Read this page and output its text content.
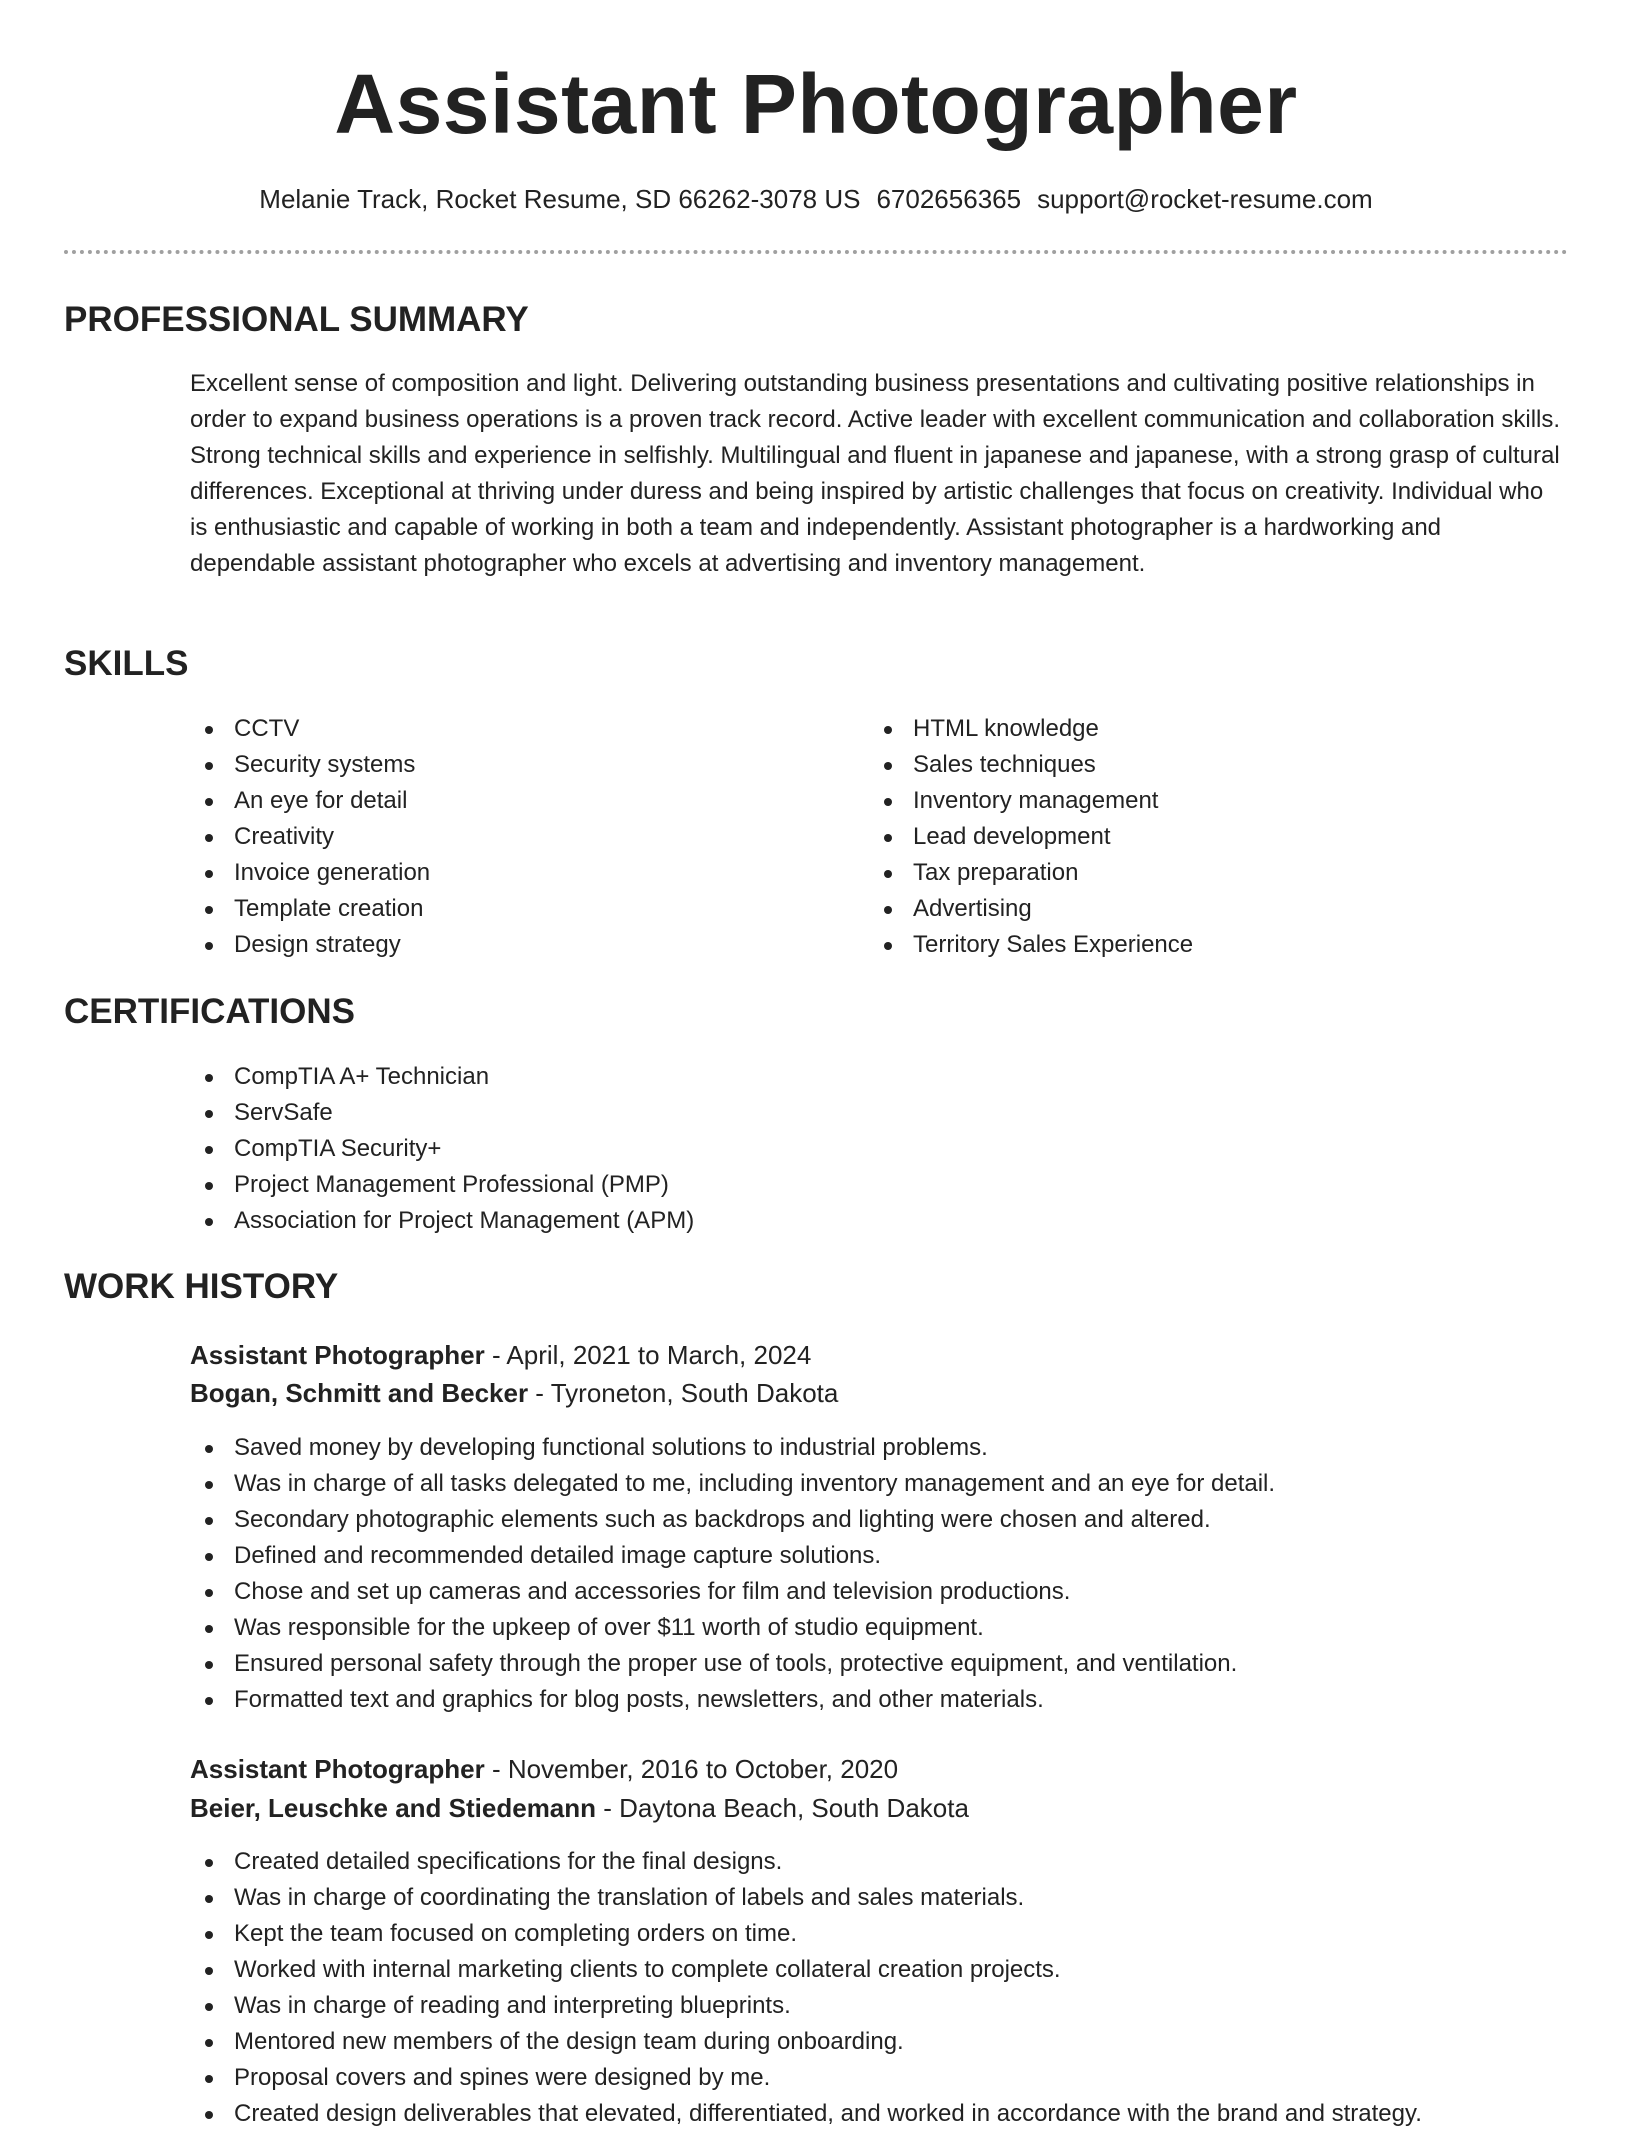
Assistant Photographer
Melanie Track, Rocket Resume, SD 66262-3078 US 6702656365 support@rocket-resume.com
PROFESSIONAL SUMMARY

Excellent sense of composition and light. Delivering outstanding business presentations and cultivating positive relationships in order to expand business operations is a proven track record. Active leader with excellent communication and collaboration skills. Strong technical skills and experience in selfishly. Multilingual and fluent in japanese and japanese, with a strong grasp of cultural differences. Exceptional at thriving under duress and being inspired by artistic challenges that focus on creativity. Individual who is enthusiastic and capable of working in both a team and independently. Assistant photographer is a hardworking and dependable assistant photographer who excels at advertising and inventory management.

SKILLS
CCTV
Security systems
An eye for detail
Creativity
Invoice generation
Template creation
Design strategy
HTML knowledge
Sales techniques
Inventory management
Lead development
Tax preparation
Advertising
Territory Sales Experience
CERTIFICATIONS
CompTIA A+ Technician
ServSafe
CompTIA Security+
Project Management Professional (PMP)
Association for Project Management (APM)
WORK HISTORY
Assistant Photographer - April, 2021 to March, 2024
Bogan, Schmitt and Becker - Tyroneton, South Dakota
Saved money by developing functional solutions to industrial problems.
Was in charge of all tasks delegated to me, including inventory management and an eye for detail.
Secondary photographic elements such as backdrops and lighting were chosen and altered.
Defined and recommended detailed image capture solutions.
Chose and set up cameras and accessories for film and television productions.
Was responsible for the upkeep of over $11 worth of studio equipment.
Ensured personal safety through the proper use of tools, protective equipment, and ventilation.
Formatted text and graphics for blog posts, newsletters, and other materials.
Assistant Photographer - November, 2016 to October, 2020
Beier, Leuschke and Stiedemann - Daytona Beach, South Dakota
Created detailed specifications for the final designs.
Was in charge of coordinating the translation of labels and sales materials.
Kept the team focused on completing orders on time.
Worked with internal marketing clients to complete collateral creation projects.
Was in charge of reading and interpreting blueprints.
Mentored new members of the design team during onboarding.
Proposal covers and spines were designed by me.
Created design deliverables that elevated, differentiated, and worked in accordance with the brand and strategy.
